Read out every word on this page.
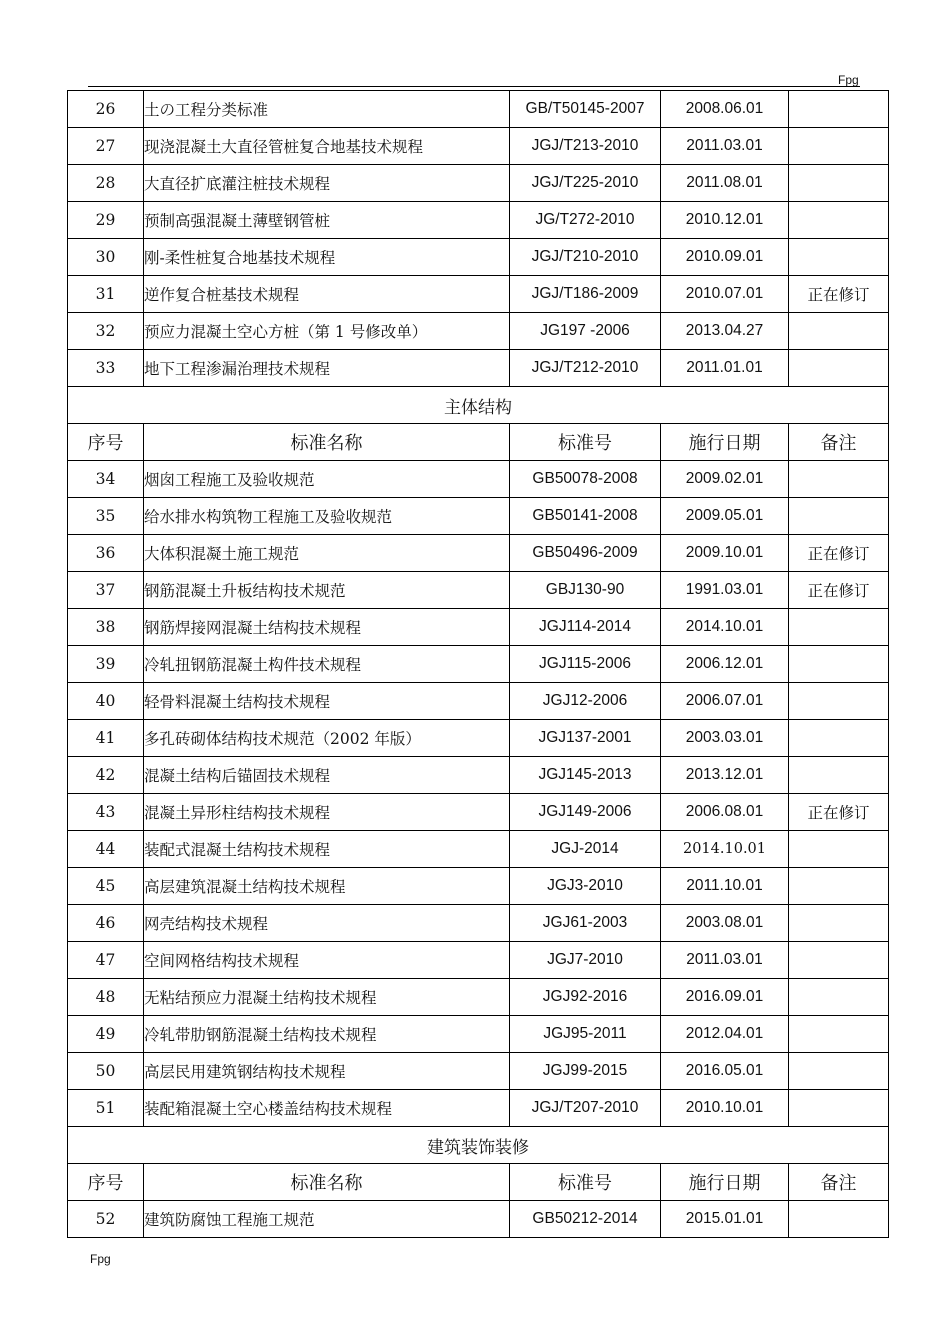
Fpg
26	土の工程分类标准	GB/T50145-2007	2008.06.01	
27	现浇混凝土大直径管桩复合地基技术规程	JGJ/T213-2010	2011.03.01	
28	大直径扩底灌注桩技术规程	JGJ/T225-2010	2011.08.01	
29	预制高强混凝土薄壁钢管桩	JG/T272-2010	2010.12.01	
30	刚-柔性桩复合地基技术规程	JGJ/T210-2010	2010.09.01	
31	逆作复合桩基技术规程	JGJ/T186-2009	2010.07.01	正在修订
32	预应力混凝土空心方桩（第 1 号修改单）	JG197 -2006	2013.04.27	
33	地下工程渗漏治理技术规程	JGJ/T212-2010	2011.01.01	
主体结构				
序号	标准名称	标准号	施行日期	备注
34	烟囱工程施工及验收规范	GB50078-2008	2009.02.01	
35	给水排水构筑物工程施工及验收规范	GB50141-2008	2009.05.01	
36	大体积混凝土施工规范	GB50496-2009	2009.10.01	正在修订
37	钢筋混凝土升板结构技术规范	GBJ130-90	1991.03.01	正在修订
38	钢筋焊接网混凝土结构技术规程	JGJ114-2014	2014.10.01	
39	冷轧扭钢筋混凝土构件技术规程	JGJ115-2006	2006.12.01	
40	轻骨料混凝土结构技术规程	JGJ12-2006	2006.07.01	
41	多孔砖砌体结构技术规范（2002 年版）	JGJ137-2001	2003.03.01	
42	混凝土结构后锚固技术规程	JGJ145-2013	2013.12.01	
43	混凝土异形柱结构技术规程	JGJ149-2006	2006.08.01	正在修订
44	装配式混凝土结构技术规程	JGJ-2014	2014.10.01	
45	高层建筑混凝土结构技术规程	JGJ3-2010	2011.10.01	
46	网壳结构技术规程	JGJ61-2003	2003.08.01	
47	空间网格结构技术规程	JGJ7-2010	2011.03.01	
48	无粘结预应力混凝土结构技术规程	JGJ92-2016	2016.09.01	
49	冷轧带肋钢筋混凝土结构技术规程	JGJ95-2011	2012.04.01	
50	高层民用建筑钢结构技术规程	JGJ99-2015	2016.05.01	
51	装配箱混凝土空心楼盖结构技术规程	JGJ/T207-2010	2010.10.01	
建筑装饰装修				
序号	标准名称	标准号	施行日期	备注
52	建筑防腐蚀工程施工规范	GB50212-2014	2015.01.01	
Fpg
